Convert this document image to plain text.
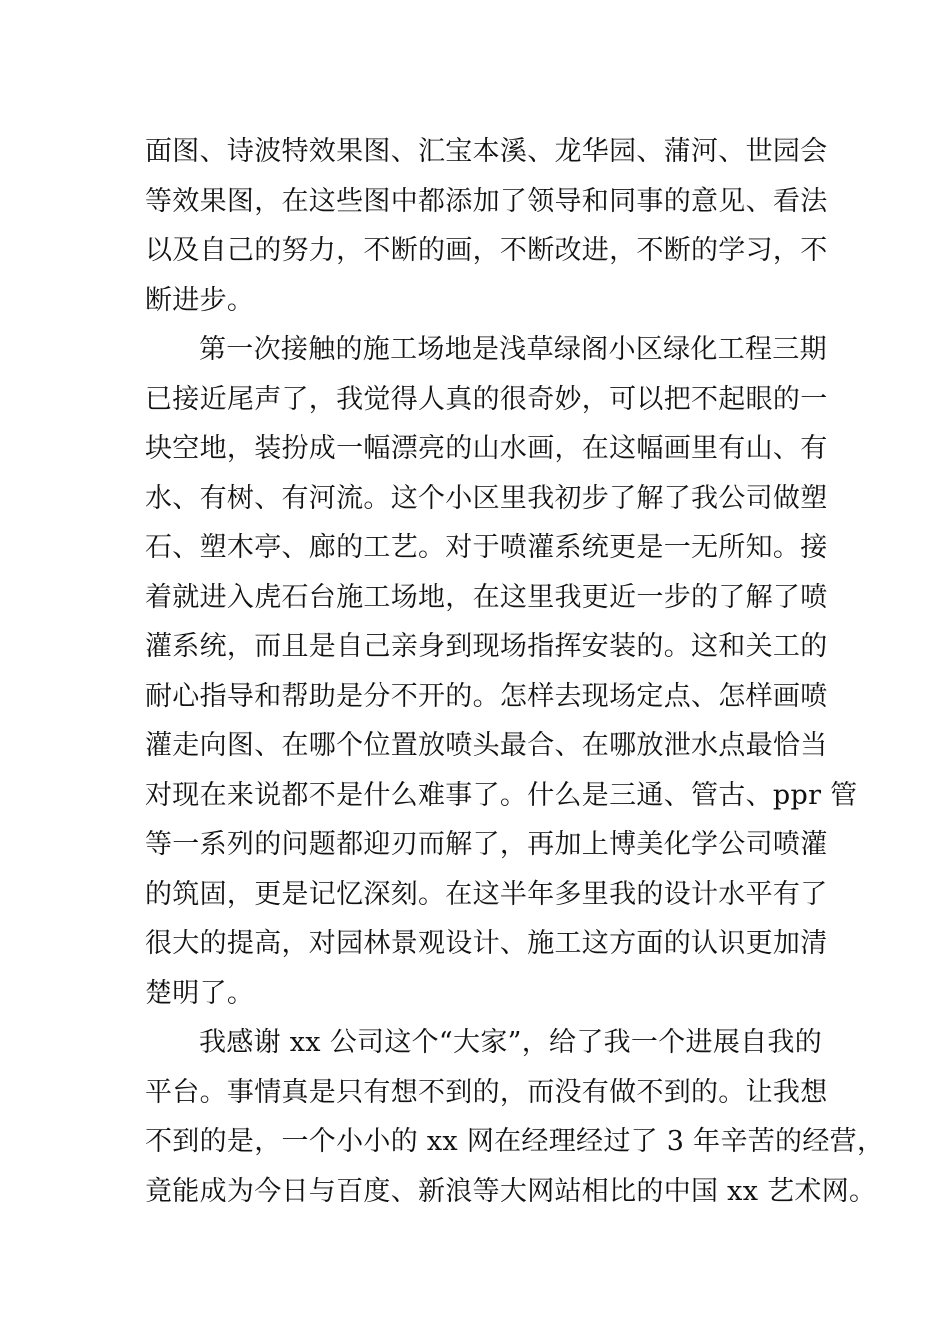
面图、诗波特效果图、汇宝本溪、龙华园、蒲河、世园会
等效果图，在这些图中都添加了领导和同事的意见、看法
以及自己的努力，不断的画，不断改进，不断的学习，不
断进步。
第一次接触的施工场地是浅草绿阁小区绿化工程三期
已接近尾声了，我觉得人真的很奇妙，可以把不起眼的一
块空地，装扮成一幅漂亮的山水画，在这幅画里有山、有
水、有树、有河流。这个小区里我初步了解了我公司做塑
石、塑木亭、廊的工艺。对于喷灌系统更是一无所知。接
着就进入虎石台施工场地，在这里我更近一步的了解了喷
灌系统，而且是自己亲身到现场指挥安装的。这和关工的
耐心指导和帮助是分不开的。怎样去现场定点、怎样画喷
灌走向图、在哪个位置放喷头最合、在哪放泄水点最恰当
对现在来说都不是什么难事了。什么是三通、管古、ppr 管
等一系列的问题都迎刃而解了，再加上博美化学公司喷灌
的筑固，更是记忆深刻。在这半年多里我的设计水平有了
很大的提高，对园林景观设计、施工这方面的认识更加清
楚明了。
我感谢 xx 公司这个“大家”，给了我一个进展自我的
平台。事情真是只有想不到的，而没有做不到的。让我想
不到的是，一个小小的 xx 网在经理经过了 3 年辛苦的经营，
竟能成为今日与百度、新浪等大网站相比的中国 xx 艺术网。
